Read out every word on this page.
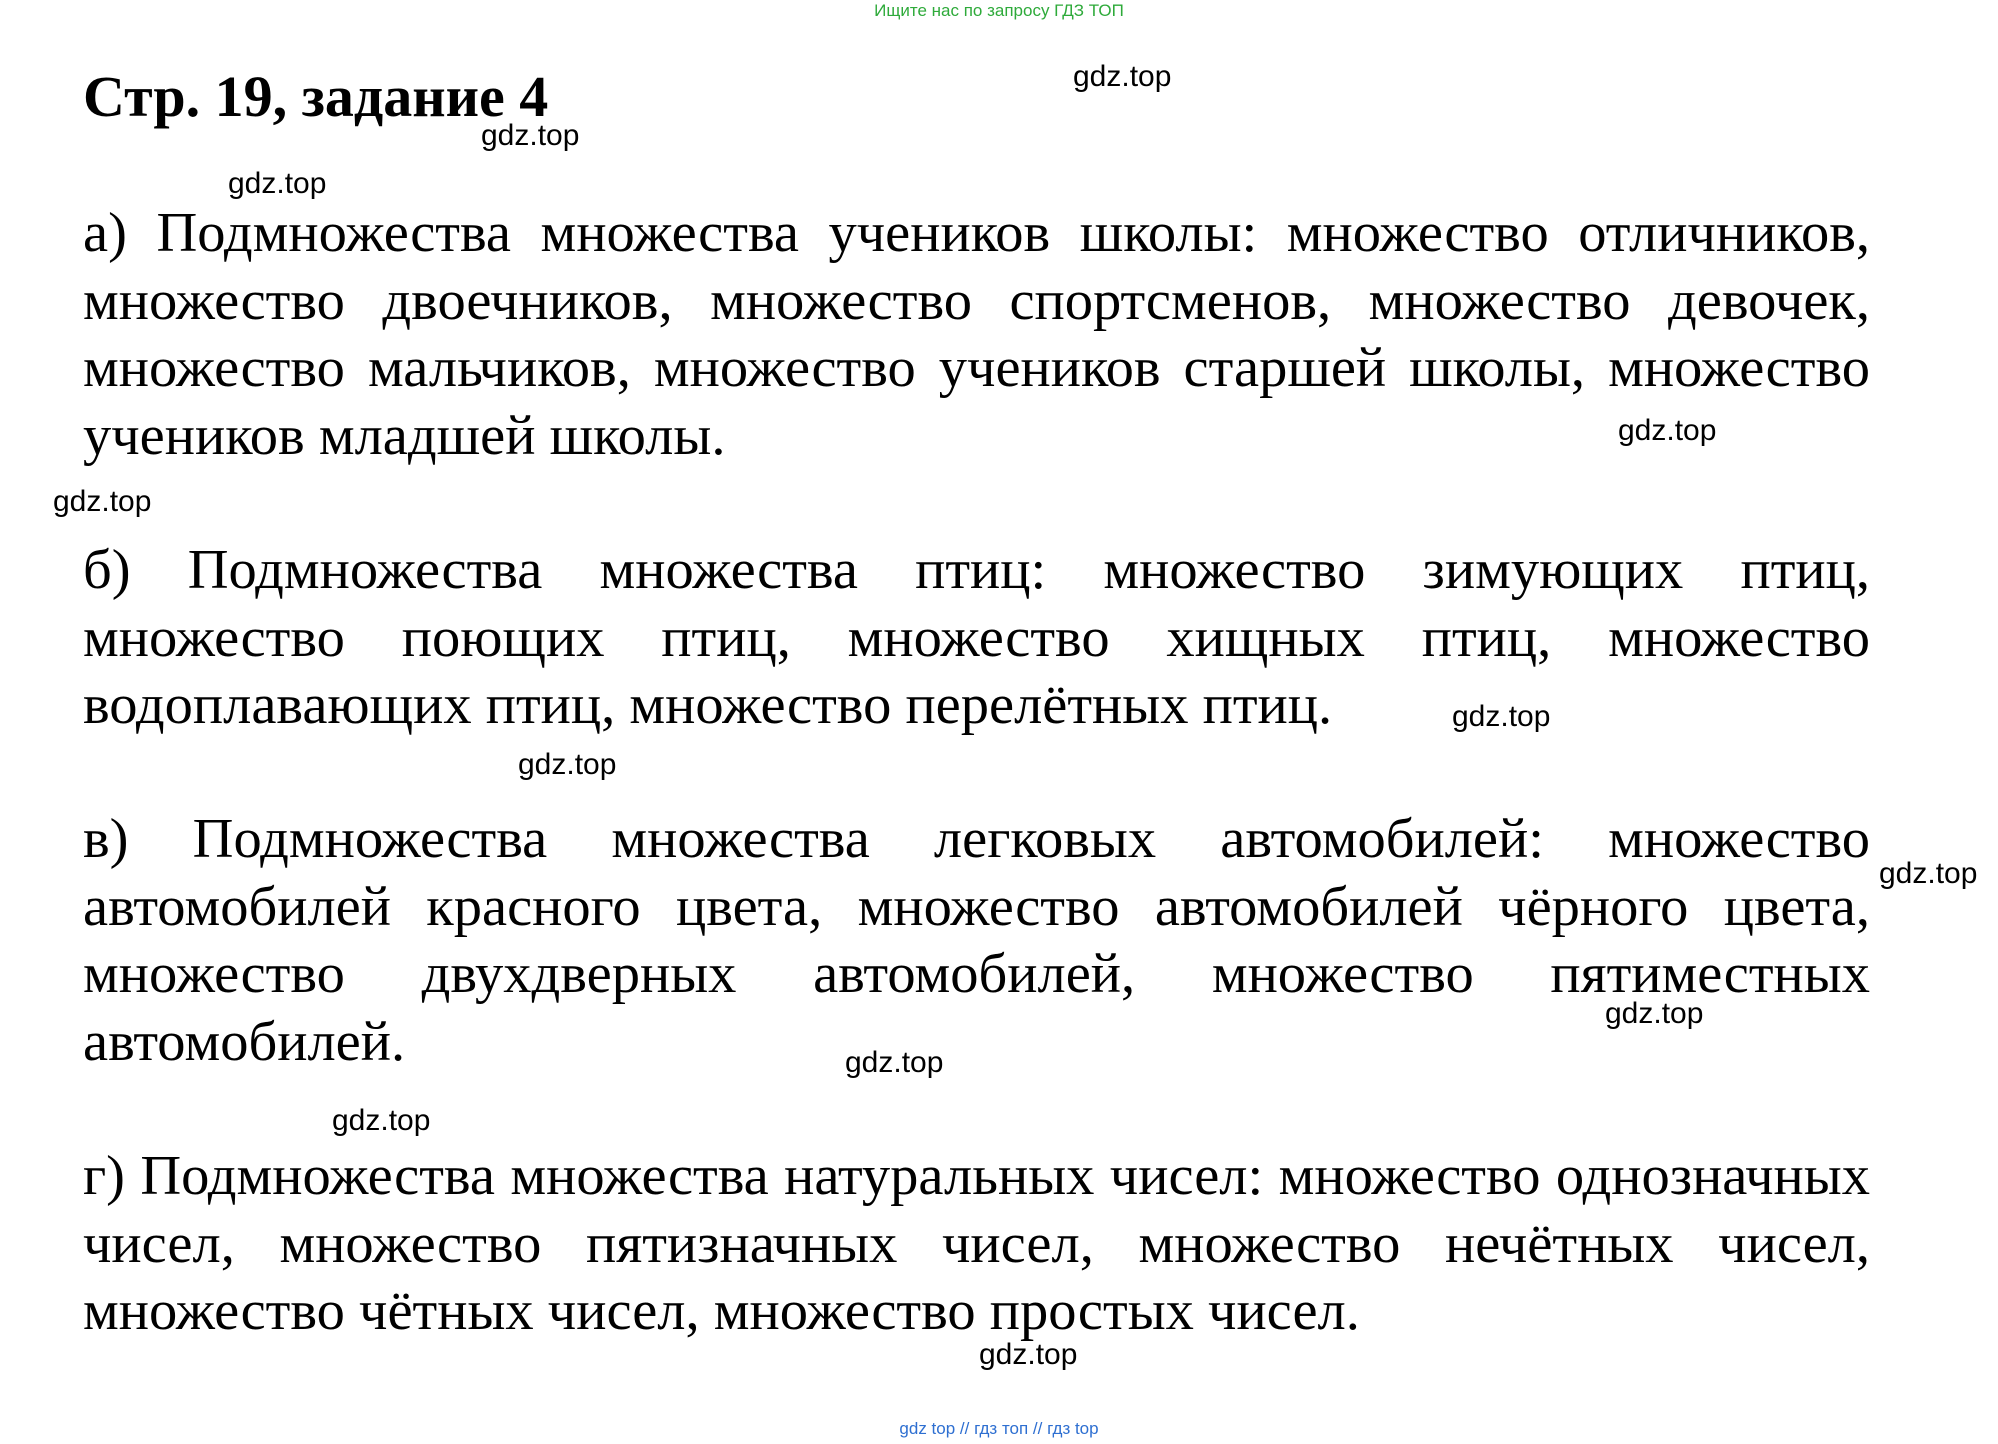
Ищите нас по запросу ГДЗ ТОП
Стр. 19, задание 4
а) Подмножества множества учеников школы: множество отличников, множество двоечников, множество спортсменов, множество девочек, множество мальчиков, множество учеников старшей школы, множество учеников младшей школы.
б) Подмножества множества птиц: множество зимующих птиц, множество поющих птиц, множество хищных птиц, множество водоплавающих птиц, множество перелётных птиц.
в) Подмножества множества легковых автомобилей: множество автомобилей красного цвета, множество автомобилей чёрного цвета, множество двухдверных автомобилей, множество пятиместных автомобилей.
г) Подмножества множества натуральных чисел: множество однозначных чисел, множество пятизначных чисел, множество нечётных чисел, множество чётных чисел, множество простых чисел.
gdz.top
gdz.top
gdz.top
gdz.top
gdz.top
gdz.top
gdz.top
gdz.top
gdz.top
gdz.top
gdz.top
gdz.top
gdz top // гдз топ // гдз top
